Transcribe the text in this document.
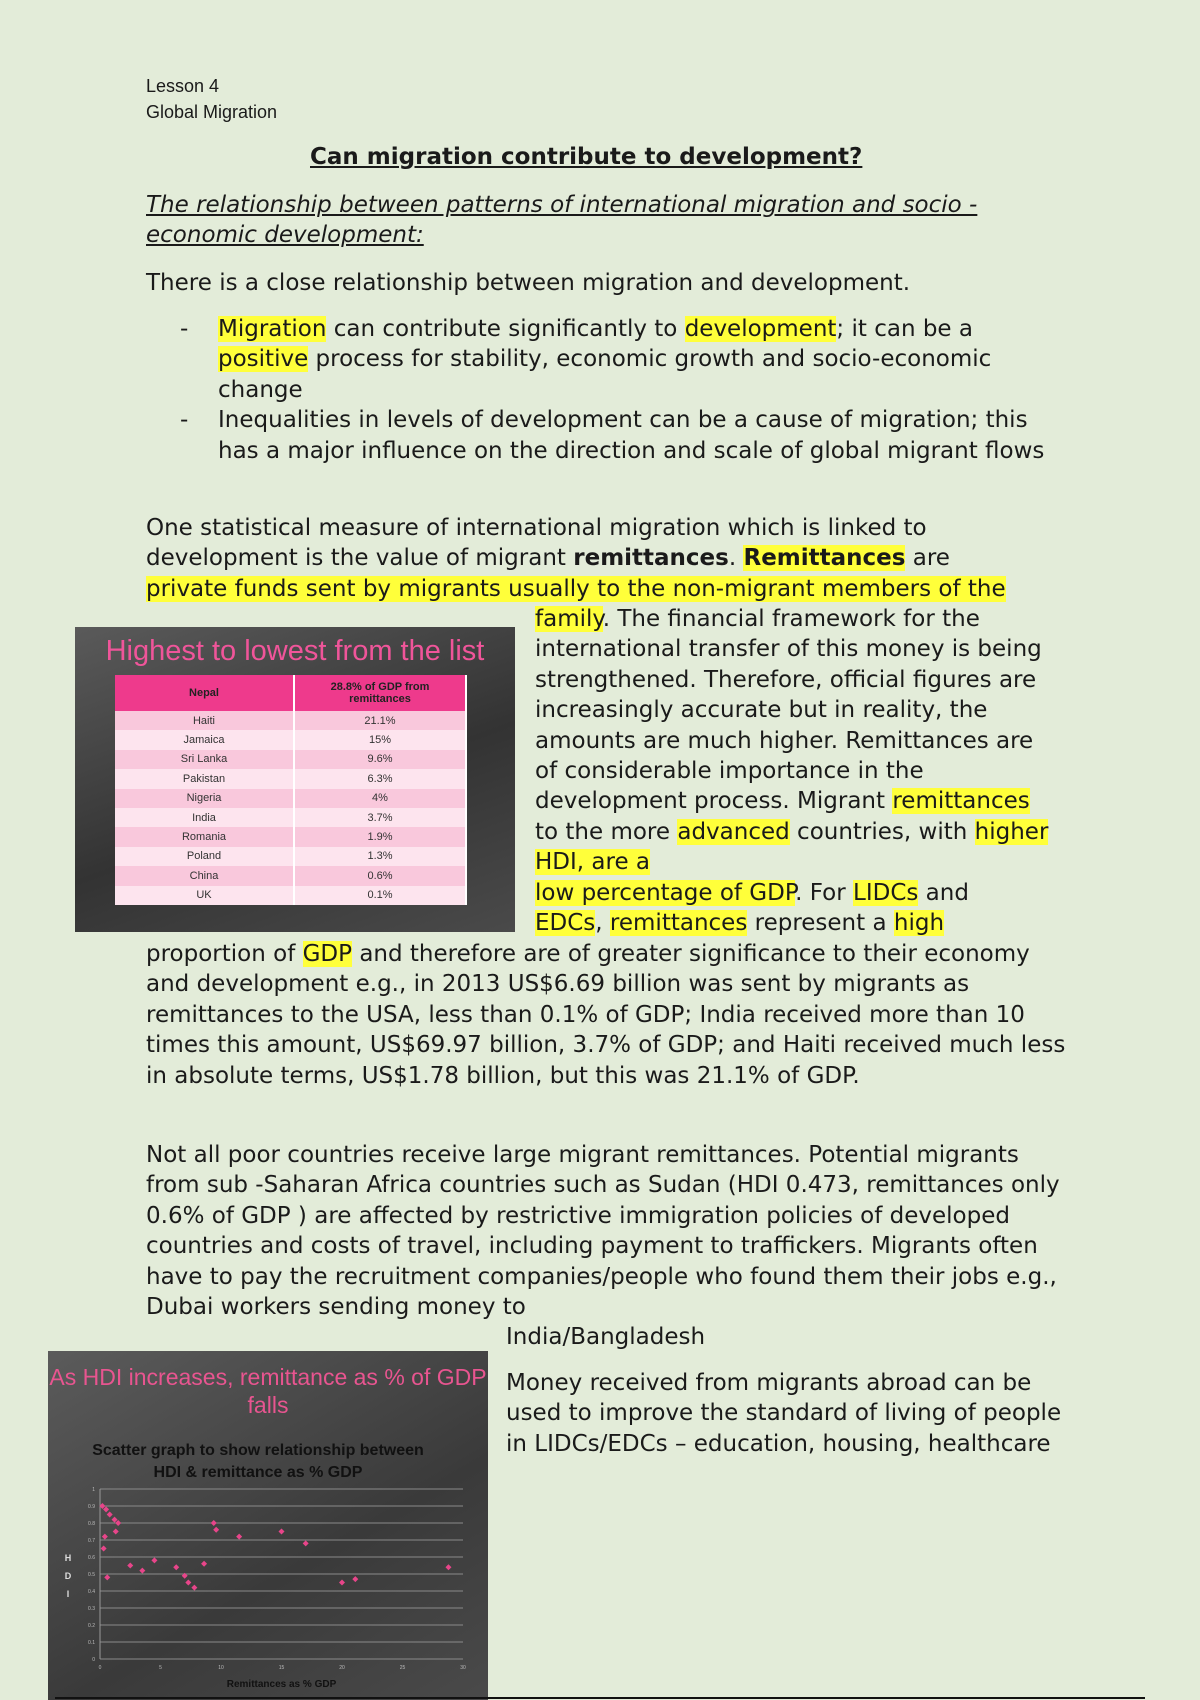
Lesson 4
Global Migration
Can migration contribute to development?
The relationship between patterns of international migration and socio - economic development:
There is a close relationship between migration and development.
- Migration can contribute significantly to development; it can be a positive process for stability, economic growth and socio-economic change
- Inequalities in levels of development can be a cause of migration; this has a major influence on the direction and scale of global migrant flows
One statistical measure of international migration which is linked to development is the value of migrant remittances. Remittances are
private funds sent by migrants usually to the non-migrant members of the
family. The financial framework for the international transfer of this money is being strengthened. Therefore, official figures are increasingly accurate but in reality, the amounts are much higher. Remittances are of considerable importance in the development process. Migrant remittances to the more advanced countries, with higher HDI, are a
low percentage of GDP. For LIDCs and
EDCs, remittances represent a high
proportion of GDP and therefore are of greater significance to their economy and development e.g., in 2013 US$6.69 billion was sent by migrants as remittances to the USA, less than 0.1% of GDP; India received more than 10 times this amount, US$69.97 billion, 3.7% of GDP; and Haiti received much less in absolute terms, US$1.78 billion, but this was 21.1% of GDP.
Highest to lowest from the list
Nepal	28.8% of GDP from remittances
Haiti	21.1%
Jamaica	15%
Sri Lanka	9.6%
Pakistan	6.3%
Nigeria	4%
India	3.7%
Romania	1.9%
Poland	1.3%
China	0.6%
UK	0.1%
Not all poor countries receive large migrant remittances. Potential migrants from sub -Saharan Africa countries such as Sudan (HDI 0.473, remittances only 0.6% of GDP ) are affected by restrictive immigration policies of developed countries and costs of travel, including payment to traffickers. Migrants often have to pay the recruitment companies/people who found them their jobs e.g., Dubai workers sending money to
India/Bangladesh
Money received from migrants abroad can be used to improve the standard of living of people in LIDCs/EDCs – education, housing, healthcare
As HDI increases, remittance as % of GDP falls
Scatter graph to show relationship between HDI & remittance as % GDP
0
0.1
0.2
0.3
0.4
0.5
0.6
0.7
0.8
0.9
1
0	5	10	15	20	25	30
Remittances as % GDP
H
D
I
